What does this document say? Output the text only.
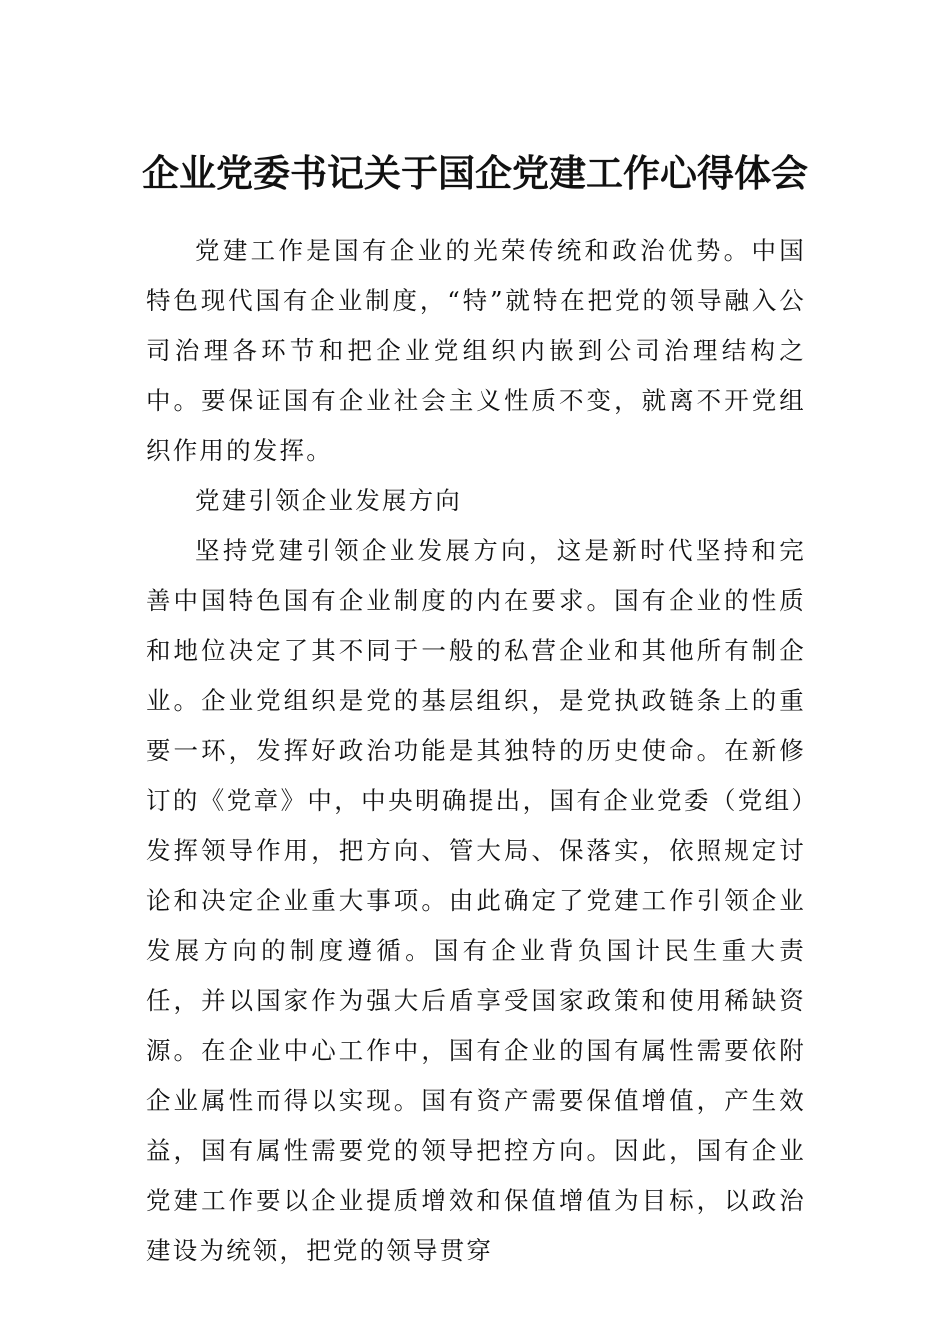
企业党委书记关于国企党建工作心得体会

党建工作是国有企业的光荣传统和政治优势。中国特色现代国有企业制度，“特”就特在把党的领导融入公司治理各环节和把企业党组织内嵌到公司治理结构之中。要保证国有企业社会主义性质不变，就离不开党组织作用的发挥。

党建引领企业发展方向

坚持党建引领企业发展方向，这是新时代坚持和完善中国特色国有企业制度的内在要求。国有企业的性质和地位决定了其不同于一般的私营企业和其他所有制企业。企业党组织是党的基层组织，是党执政链条上的重要一环，发挥好政治功能是其独特的历史使命。在新修订的《党章》中，中央明确提出，国有企业党委（党组）发挥领导作用，把方向、管大局、保落实，依照规定讨论和决定企业重大事项。由此确定了党建工作引领企业发展方向的制度遵循。国有企业背负国计民生重大责任，并以国家作为强大后盾享受国家政策和使用稀缺资源。在企业中心工作中，国有企业的国有属性需要依附企业属性而得以实现。国有资产需要保值增值，产生效益，国有属性需要党的领导把控方向。因此，国有企业党建工作要以企业提质增效和保值增值为目标，以政治建设为统领，把党的领导贯穿
